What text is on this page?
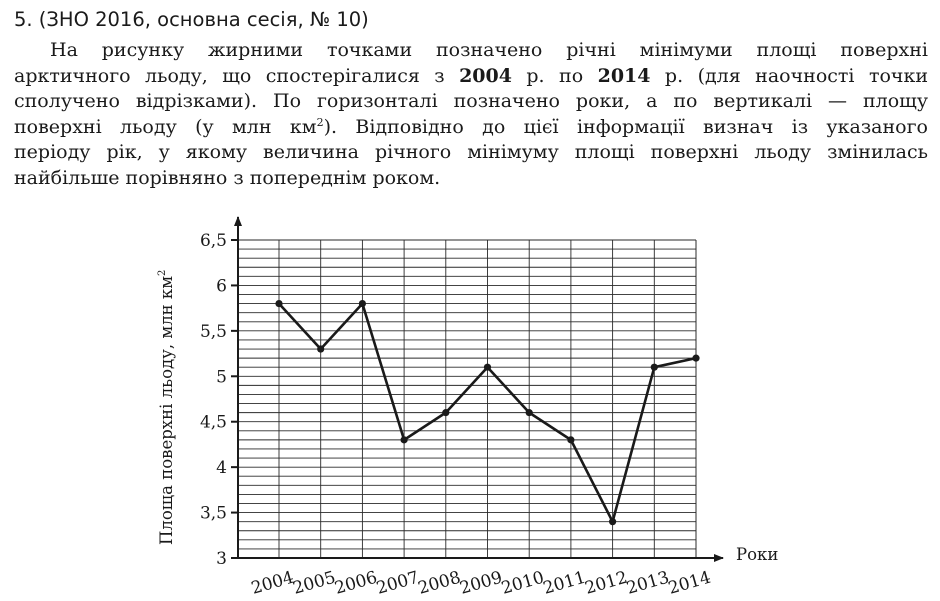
5. (ЗНО 2016, основна сесія, № 10)
На рисунку жирними точками позначено річні мінімуми площі поверхні
арктичного льоду, що спостерігалися з 2004 р. по 2014 р. (для наочності точки
сполучено відрізками). По горизонталі позначено роки, а по вертикалі — площу
поверхні льоду (у млн $км^2$). Відповідно до цієї інформації визнач із указаного
періоду рік, у якому величина річного мінімуму площі поверхні льоду змінилась
найбільше порівняно з попереднім роком.
3
3,5
4
4,5
5
5,5
6
6,5
2004
2005
2006
2007
2008
2009
2010
2011
2012
2013
2014
Роки
Площа поверхні льоду, млн $км^2$
